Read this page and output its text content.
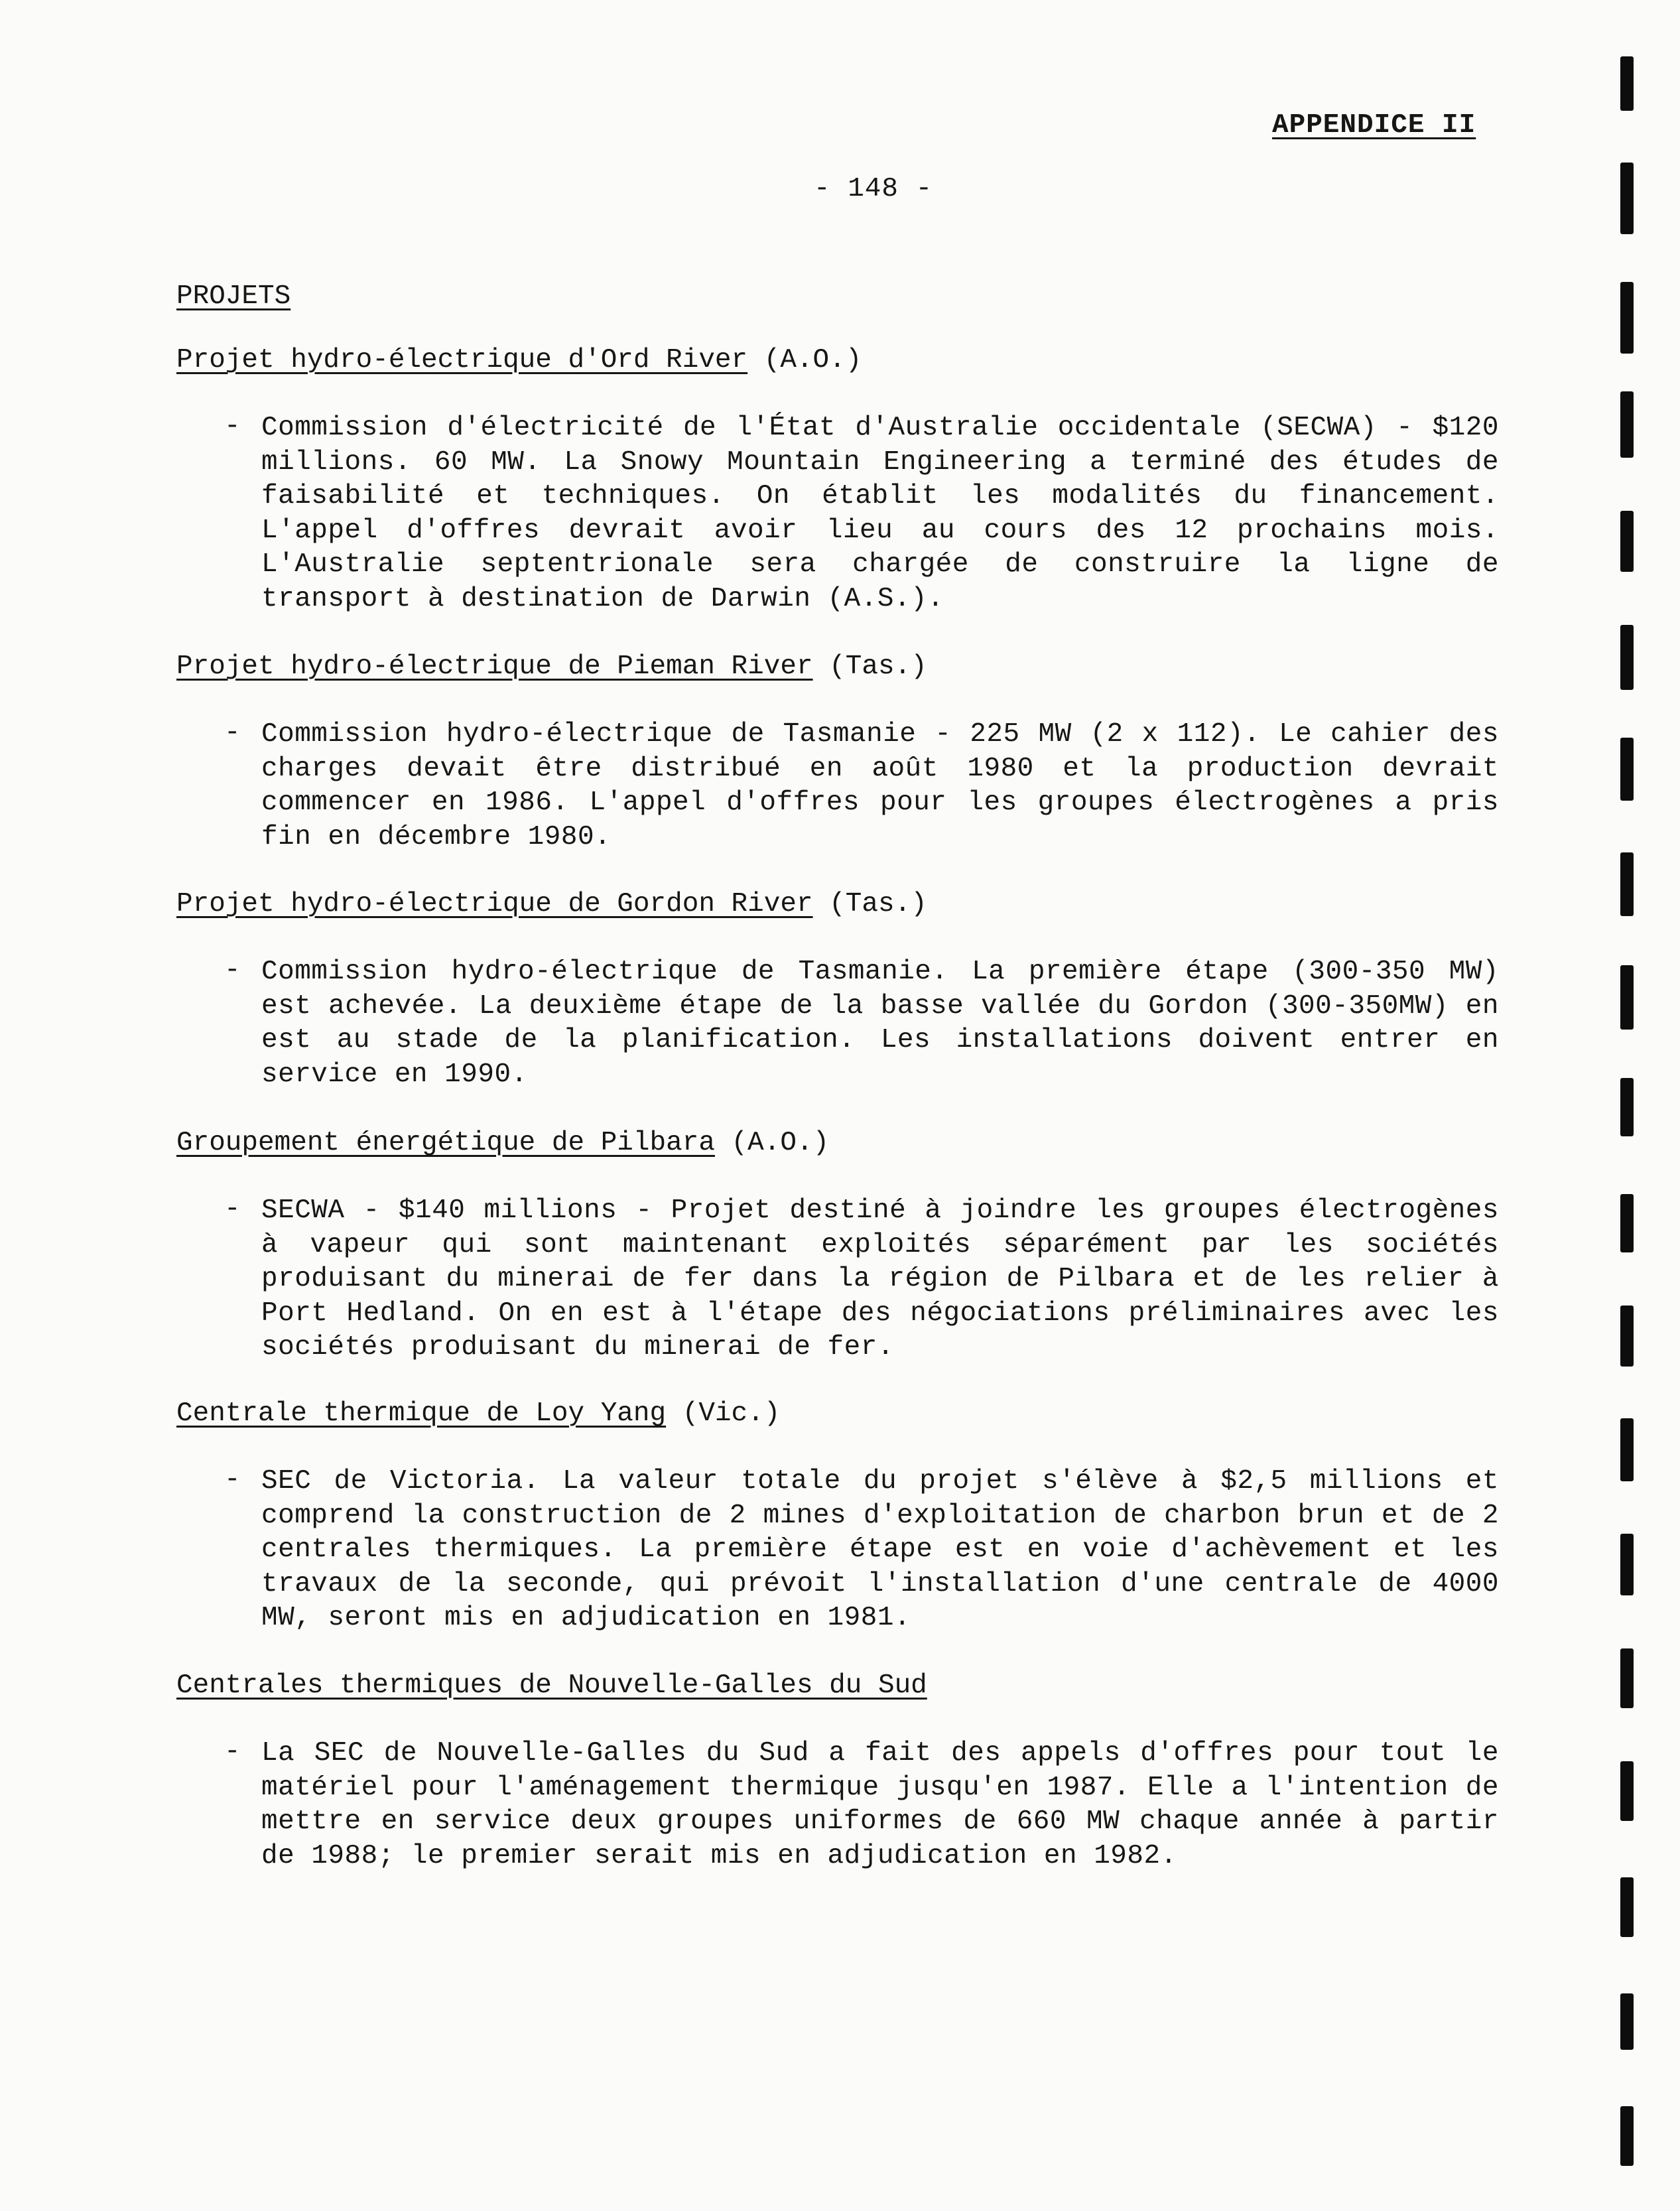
APPENDICE II
- 148 -
PROJETS
Projet hydro-électrique d'Ord River (A.O.)
- Commission d'électricité de l'État d'Australie occidentale (SECWA) - $120 millions. 60 MW. La Snowy Mountain Engineering a terminé des études de faisabilité et techniques. On établit les modalités du financement. L'appel d'offres devrait avoir lieu au cours des 12 prochains mois. L'Australie septentrionale sera chargée de construire la ligne de transport à destination de Darwin (A.S.).
Projet hydro-électrique de Pieman River (Tas.)
- Commission hydro-électrique de Tasmanie - 225 MW (2 x 112). Le cahier des charges devait être distribué en août 1980 et la production devrait commencer en 1986. L'appel d'offres pour les groupes électrogènes a pris fin en décembre 1980.
Projet hydro-électrique de Gordon River (Tas.)
- Commission hydro-électrique de Tasmanie. La première étape (300-350 MW) est achevée. La deuxième étape de la basse vallée du Gordon (300-350MW) en est au stade de la planification. Les installations doivent entrer en service en 1990.
Groupement énergétique de Pilbara (A.O.)
- SECWA - $140 millions - Projet destiné à joindre les groupes électrogènes à vapeur qui sont maintenant exploités séparément par les sociétés produisant du minerai de fer dans la région de Pilbara et de les relier à Port Hedland. On en est à l'étape des négociations préliminaires avec les sociétés produisant du minerai de fer.
Centrale thermique de Loy Yang (Vic.)
- SEC de Victoria. La valeur totale du projet s'élève à $2,5 millions et comprend la construction de 2 mines d'exploitation de charbon brun et de 2 centrales thermiques. La première étape est en voie d'achèvement et les travaux de la seconde, qui prévoit l'installation d'une centrale de 4000 MW, seront mis en adjudication en 1981.
Centrales thermiques de Nouvelle-Galles du Sud
- La SEC de Nouvelle-Galles du Sud a fait des appels d'offres pour tout le matériel pour l'aménagement thermique jusqu'en 1987. Elle a l'intention de mettre en service deux groupes uniformes de 660 MW chaque année à partir de 1988; le premier serait mis en adjudication en 1982.
